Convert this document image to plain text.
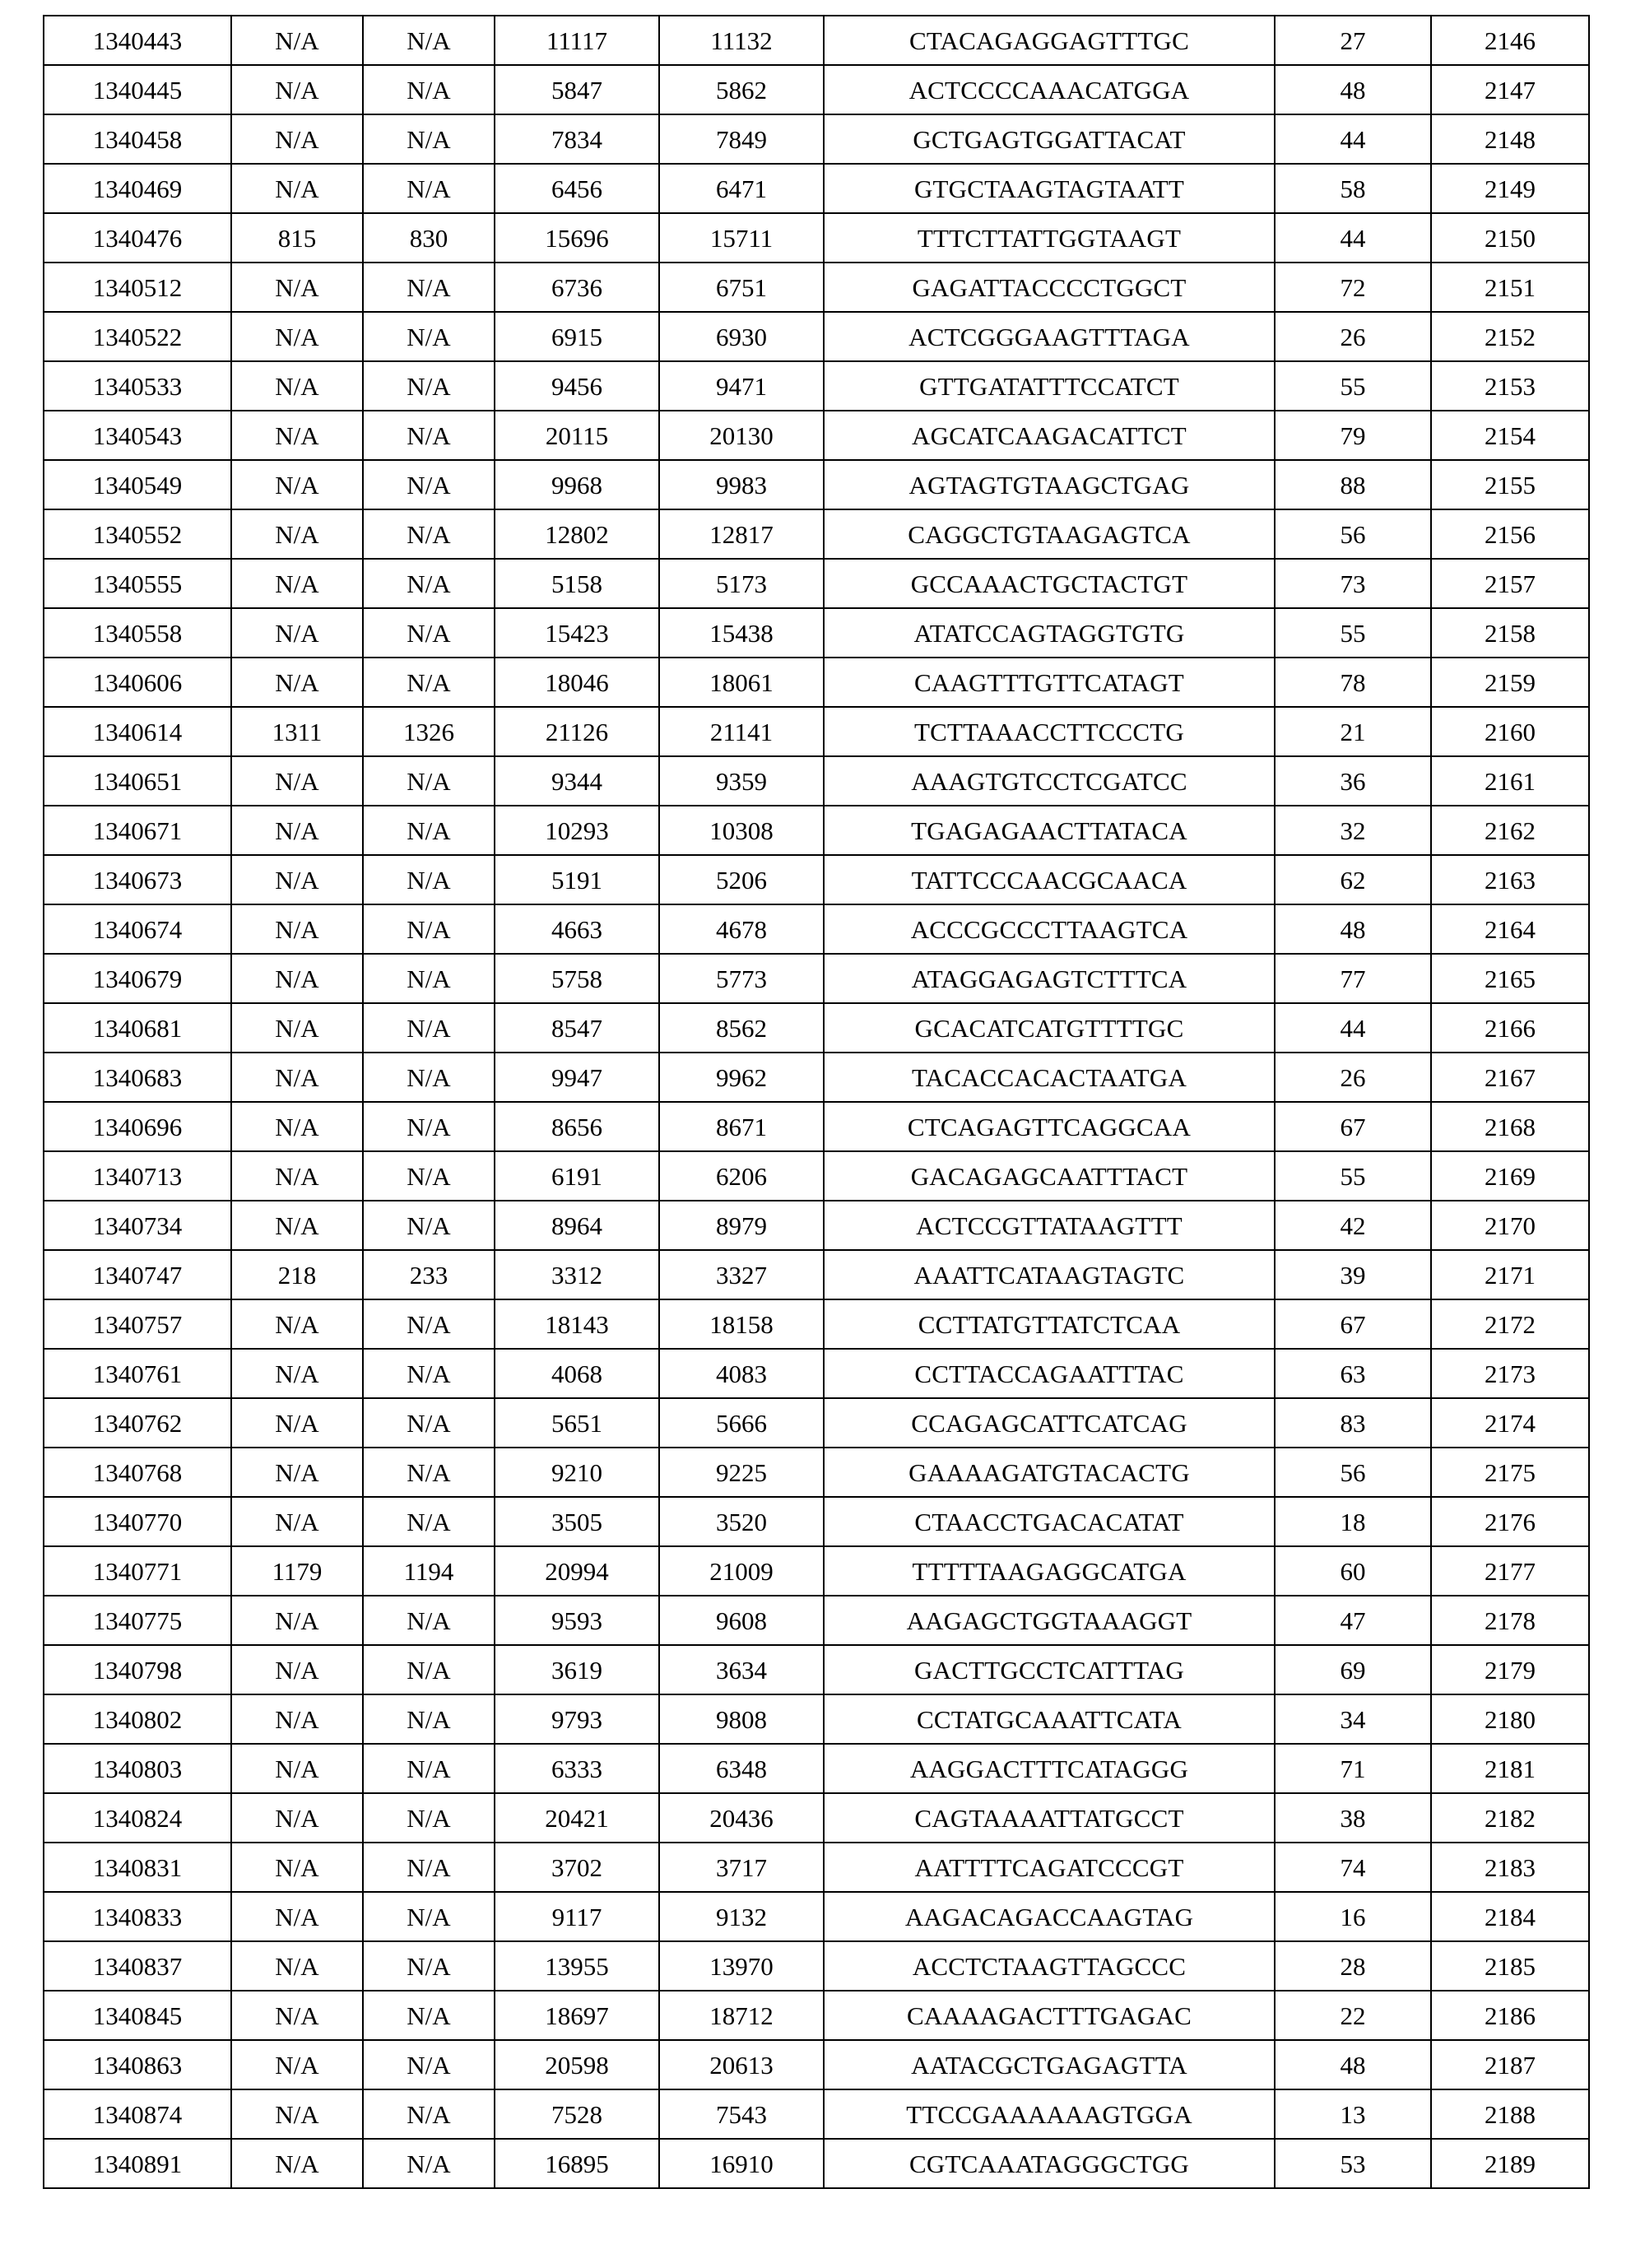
1340443	N/A	N/A	11117	11132	CTACAGAGGAGTTTGC	27	2146
1340445	N/A	N/A	5847	5862	ACTCCCCAAACATGGA	48	2147
1340458	N/A	N/A	7834	7849	GCTGAGTGGATTACAT	44	2148
1340469	N/A	N/A	6456	6471	GTGCTAAGTAGTAATT	58	2149
1340476	815	830	15696	15711	TTTCTTATTGGTAAGT	44	2150
1340512	N/A	N/A	6736	6751	GAGATTACCCCTGGCT	72	2151
1340522	N/A	N/A	6915	6930	ACTCGGGAAGTTTAGA	26	2152
1340533	N/A	N/A	9456	9471	GTTGATATTTCCATCT	55	2153
1340543	N/A	N/A	20115	20130	AGCATCAAGACATTCT	79	2154
1340549	N/A	N/A	9968	9983	AGTAGTGTAAGCTGAG	88	2155
1340552	N/A	N/A	12802	12817	CAGGCTGTAAGAGTCA	56	2156
1340555	N/A	N/A	5158	5173	GCCAAACTGCTACTGT	73	2157
1340558	N/A	N/A	15423	15438	ATATCCAGTAGGTGTG	55	2158
1340606	N/A	N/A	18046	18061	CAAGTTTGTTCATAGT	78	2159
1340614	1311	1326	21126	21141	TCTTAAACCTTCCCTG	21	2160
1340651	N/A	N/A	9344	9359	AAAGTGTCCTCGATCC	36	2161
1340671	N/A	N/A	10293	10308	TGAGAGAACTTATACA	32	2162
1340673	N/A	N/A	5191	5206	TATTCCCAACGCAACA	62	2163
1340674	N/A	N/A	4663	4678	ACCCGCCCTTAAGTCA	48	2164
1340679	N/A	N/A	5758	5773	ATAGGAGAGTCTTTCA	77	2165
1340681	N/A	N/A	8547	8562	GCACATCATGTTTTGC	44	2166
1340683	N/A	N/A	9947	9962	TACACCACACTAATGA	26	2167
1340696	N/A	N/A	8656	8671	CTCAGAGTTCAGGCAA	67	2168
1340713	N/A	N/A	6191	6206	GACAGAGCAATTTACT	55	2169
1340734	N/A	N/A	8964	8979	ACTCCGTTATAAGTTT	42	2170
1340747	218	233	3312	3327	AAATTCATAAGTAGTC	39	2171
1340757	N/A	N/A	18143	18158	CCTTATGTTATCTCAA	67	2172
1340761	N/A	N/A	4068	4083	CCTTACCAGAATTTAC	63	2173
1340762	N/A	N/A	5651	5666	CCAGAGCATTCATCAG	83	2174
1340768	N/A	N/A	9210	9225	GAAAAGATGTACACTG	56	2175
1340770	N/A	N/A	3505	3520	CTAACCTGACACATAT	18	2176
1340771	1179	1194	20994	21009	TTTTTAAGAGGCATGA	60	2177
1340775	N/A	N/A	9593	9608	AAGAGCTGGTAAAGGT	47	2178
1340798	N/A	N/A	3619	3634	GACTTGCCTCATTTAG	69	2179
1340802	N/A	N/A	9793	9808	CCTATGCAAATTCATA	34	2180
1340803	N/A	N/A	6333	6348	AAGGACTTTCATAGGG	71	2181
1340824	N/A	N/A	20421	20436	CAGTAAAATTATGCCT	38	2182
1340831	N/A	N/A	3702	3717	AATTTTCAGATCCCGT	74	2183
1340833	N/A	N/A	9117	9132	AAGACAGACCAAGTAG	16	2184
1340837	N/A	N/A	13955	13970	ACCTCTAAGTTAGCCC	28	2185
1340845	N/A	N/A	18697	18712	CAAAAGACTTTGAGAC	22	2186
1340863	N/A	N/A	20598	20613	AATACGCTGAGAGTTA	48	2187
1340874	N/A	N/A	7528	7543	TTCCGAAAAAAGTGGA	13	2188
1340891	N/A	N/A	16895	16910	CGTCAAATAGGGCTGG	53	2189
